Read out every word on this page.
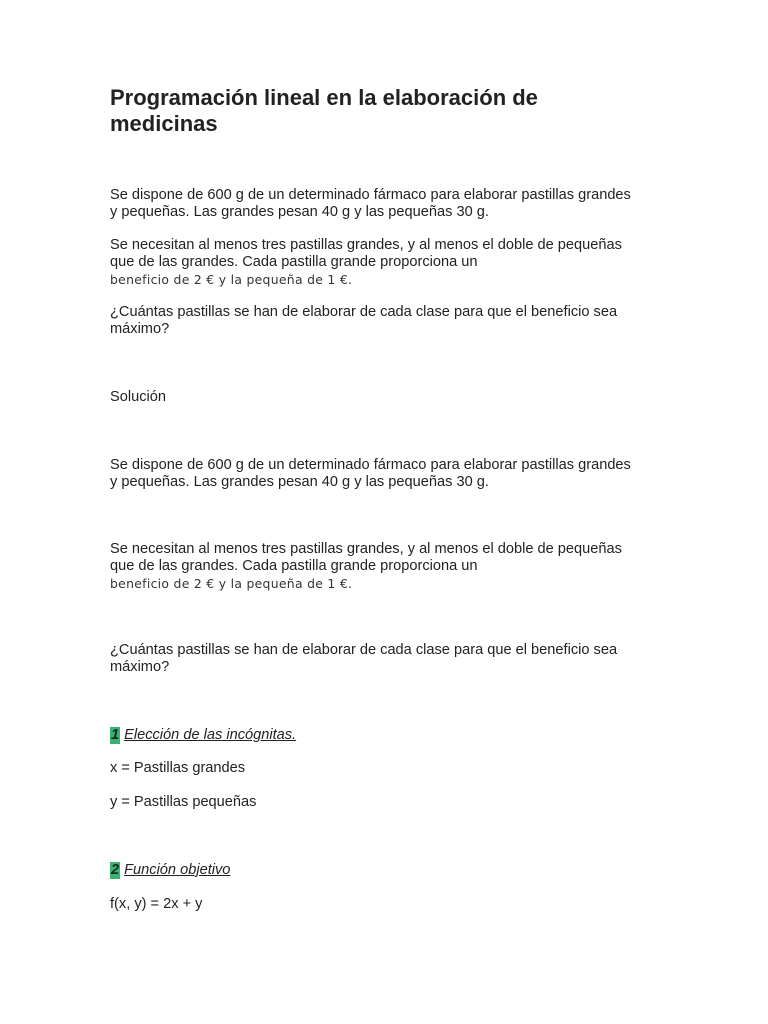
Programación lineal en la elaboración de medicinas

Se dispone de 600 g de un determinado fármaco para elaborar pastillas grandes y pequeñas. Las grandes pesan 40 g y las pequeñas 30 g.

Se necesitan al menos tres pastillas grandes, y al menos el doble de pequeñas que de las grandes. Cada pastilla grande proporciona un
beneficio de 2 € y la pequeña de 1 €.

¿Cuántas pastillas se han de elaborar de cada clase para que el beneficio sea máximo?

Solución

Se dispone de 600 g de un determinado fármaco para elaborar pastillas grandes y pequeñas. Las grandes pesan 40 g y las pequeñas 30 g.

Se necesitan al menos tres pastillas grandes, y al menos el doble de pequeñas que de las grandes. Cada pastilla grande proporciona un
beneficio de 2 € y la pequeña de 1 €.

¿Cuántas pastillas se han de elaborar de cada clase para que el beneficio sea máximo?

1 Elección de las incógnitas.

x = Pastillas grandes

y = Pastillas pequeñas

2 Función objetivo

f(x, y) = 2x + y
